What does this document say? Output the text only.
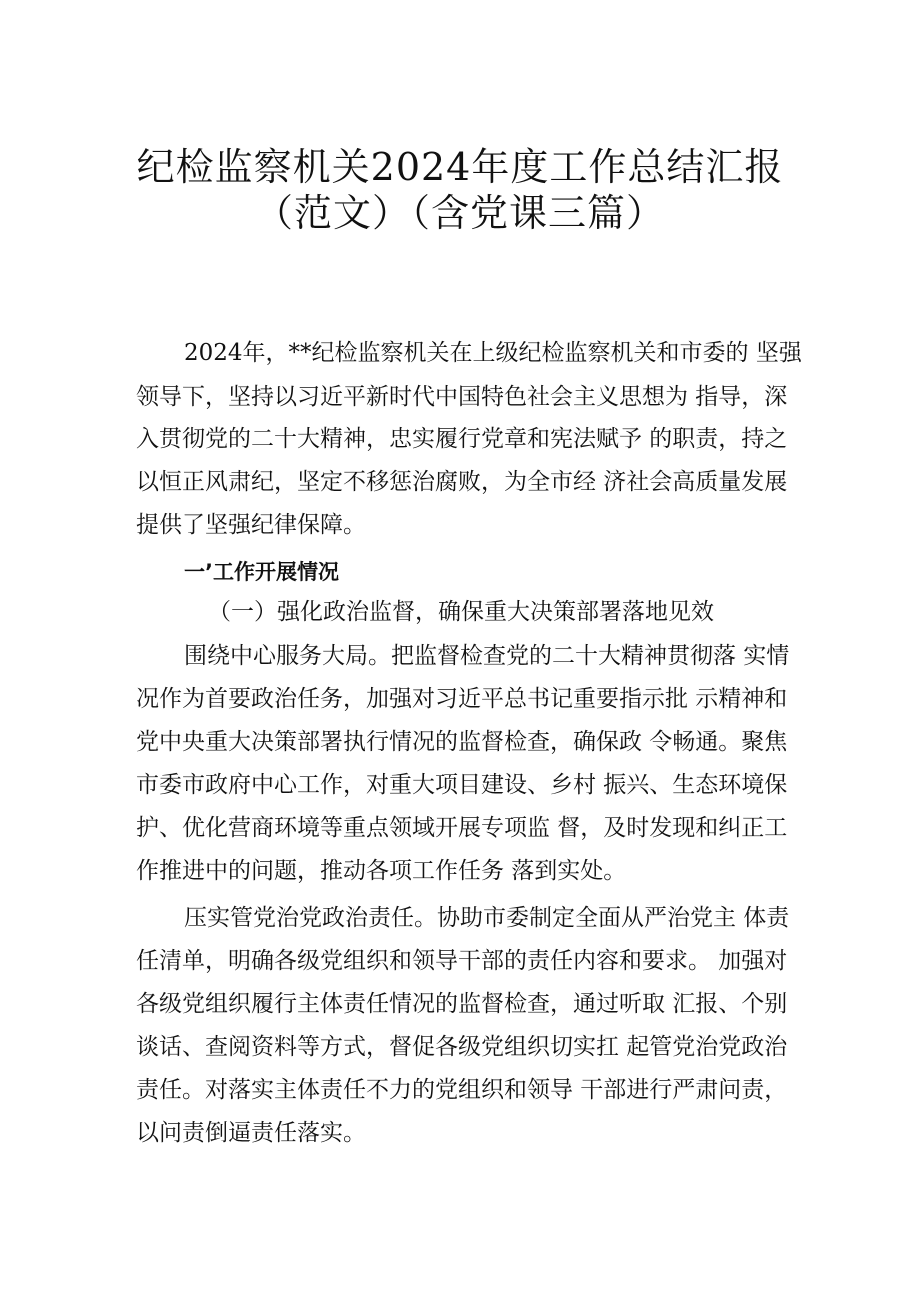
纪检监察机关2024年度工作总结汇报
（范文）（含党课三篇）
2024年，**纪检监察机关在上级纪检监察机关和市委的 坚强
领导下，坚持以习近平新时代中国特色社会主义思想为 指导，深
入贯彻党的二十大精神，忠实履行党章和宪法赋予 的职责，持之
以恒正风肃纪，坚定不移惩治腐败，为全市经 济社会高质量发展
提供了坚强纪律保障。
一’工作开展情况
（一）强化政治监督，确保重大决策部署落地见效
围绕中心服务大局。把监督检查党的二十大精神贯彻落 实情
况作为首要政治任务，加强对习近平总书记重要指示批 示精神和
党中央重大决策部署执行情况的监督检查，确保政 令畅通。聚焦
市委市政府中心工作，对重大项目建设、乡村 振兴、生态环境保
护、优化营商环境等重点领域开展专项监 督，及时发现和纠正工
作推进中的问题，推动各项工作任务 落到实处。
压实管党治党政治责任。协助市委制定全面从严治党主 体责
任清单，明确各级党组织和领导干部的责任内容和要求。 加强对
各级党组织履行主体责任情况的监督检查，通过听取 汇报、个别
谈话、查阅资料等方式，督促各级党组织切实扛 起管党治党政治
责任。对落实主体责任不力的党组织和领导 干部进行严肃问责，
以问责倒逼责任落实。
